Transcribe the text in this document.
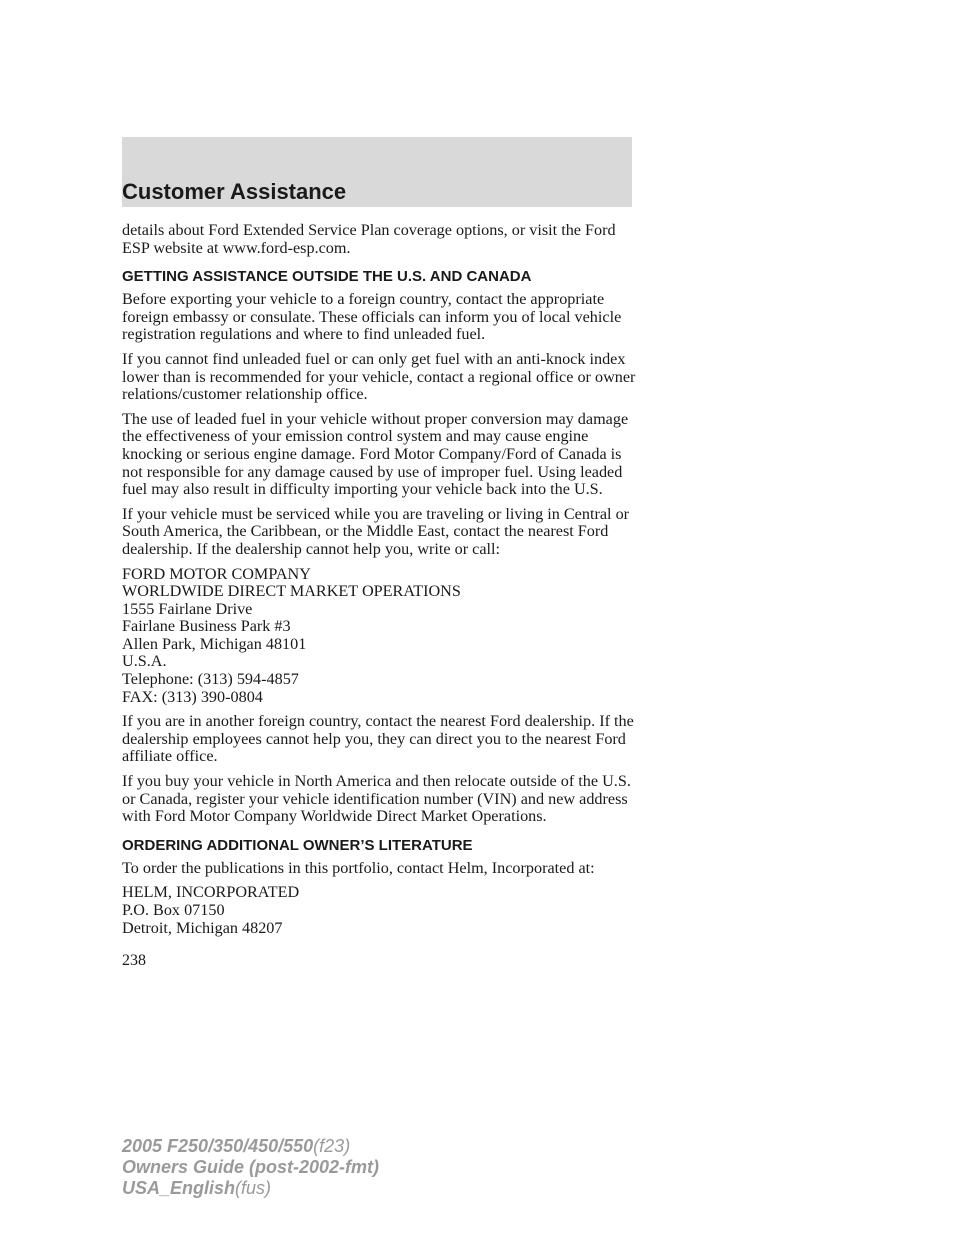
Customer Assistance

details about Ford Extended Service Plan coverage options, or visit the Ford ESP website at www.ford-esp.com.

GETTING ASSISTANCE OUTSIDE THE U.S. AND CANADA

Before exporting your vehicle to a foreign country, contact the appropriate foreign embassy or consulate. These officials can inform you of local vehicle registration regulations and where to find unleaded fuel.

If you cannot find unleaded fuel or can only get fuel with an anti-knock index lower than is recommended for your vehicle, contact a regional office or owner relations/customer relationship office.

The use of leaded fuel in your vehicle without proper conversion may damage the effectiveness of your emission control system and may cause engine knocking or serious engine damage. Ford Motor Company/Ford of Canada is not responsible for any damage caused by use of improper fuel. Using leaded fuel may also result in difficulty importing your vehicle back into the U.S.

If your vehicle must be serviced while you are traveling or living in Central or South America, the Caribbean, or the Middle East, contact the nearest Ford dealership. If the dealership cannot help you, write or call:

FORD MOTOR COMPANY
WORLDWIDE DIRECT MARKET OPERATIONS
1555 Fairlane Drive
Fairlane Business Park #3
Allen Park, Michigan 48101
U.S.A.
Telephone: (313) 594-4857
FAX: (313) 390-0804

If you are in another foreign country, contact the nearest Ford dealership. If the dealership employees cannot help you, they can direct you to the nearest Ford affiliate office.

If you buy your vehicle in North America and then relocate outside of the U.S. or Canada, register your vehicle identification number (VIN) and new address with Ford Motor Company Worldwide Direct Market Operations.

ORDERING ADDITIONAL OWNER’S LITERATURE

To order the publications in this portfolio, contact Helm, Incorporated at:

HELM, INCORPORATED
P.O. Box 07150
Detroit, Michigan 48207
238
2005 F250/350/450/550(f23)
Owners Guide (post-2002-fmt)
USA_English(fus)
